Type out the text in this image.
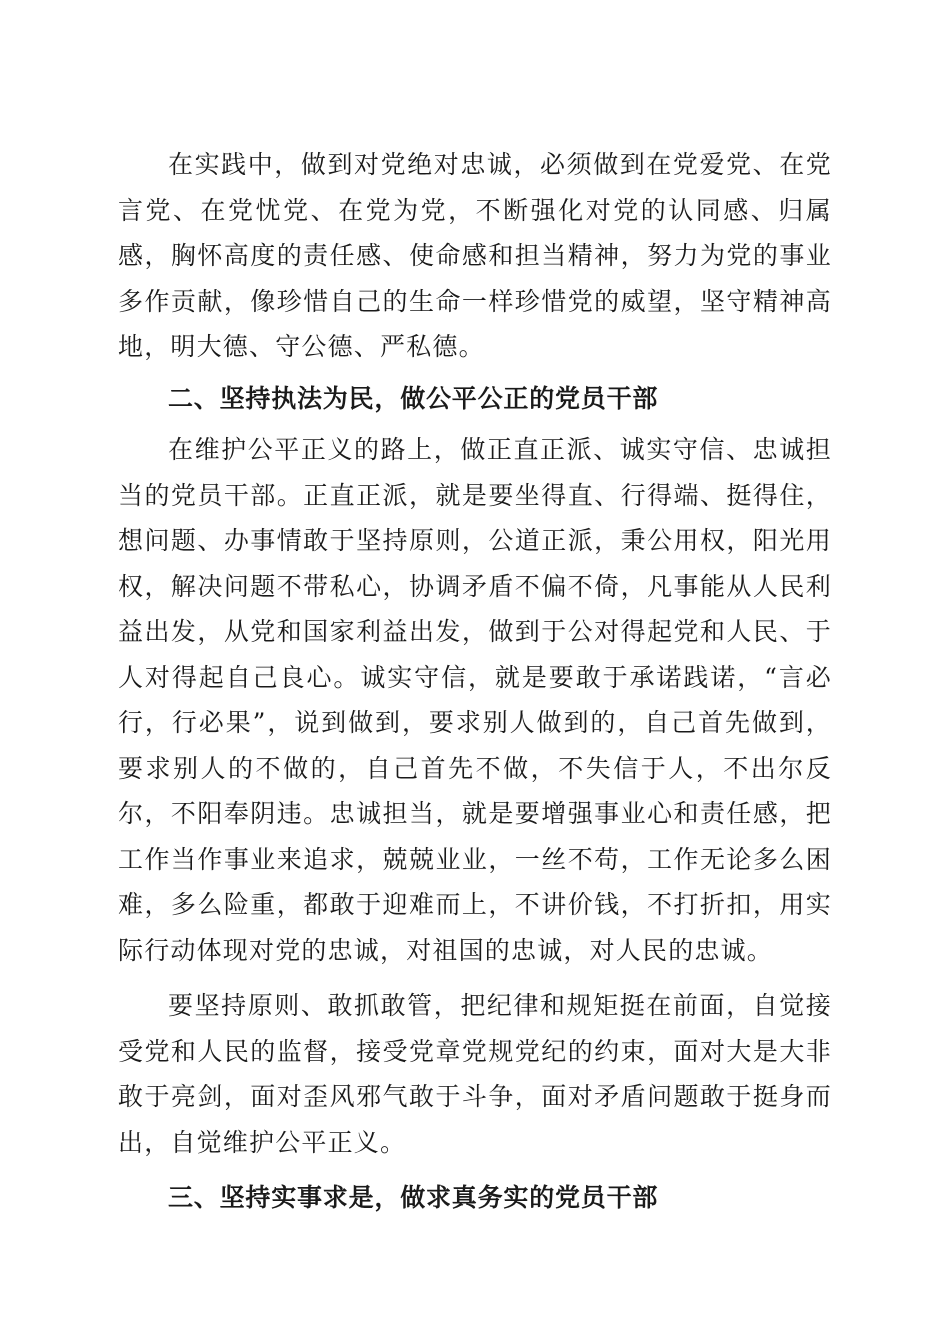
在实践中，做到对党绝对忠诚，必须做到在党爱党、在党言党、在党忧党、在党为党，不断强化对党的认同感、归属感，胸怀高度的责任感、使命感和担当精神，努力为党的事业多作贡献，像珍惜自己的生命一样珍惜党的威望，坚守精神高地，明大德、守公德、严私德。

二、坚持执法为民，做公平公正的党员干部

在维护公平正义的路上，做正直正派、诚实守信、忠诚担当的党员干部。正直正派，就是要坐得直、行得端、挺得住，想问题、办事情敢于坚持原则，公道正派，秉公用权，阳光用权，解决问题不带私心，协调矛盾不偏不倚，凡事能从人民利益出发，从党和国家利益出发，做到于公对得起党和人民、于人对得起自己良心。诚实守信，就是要敢于承诺践诺，“言必行，行必果”，说到做到，要求别人做到的，自己首先做到，要求别人的不做的，自己首先不做，不失信于人，不出尔反尔，不阳奉阴违。忠诚担当，就是要增强事业心和责任感，把工作当作事业来追求，兢兢业业，一丝不苟，工作无论多么困难，多么险重，都敢于迎难而上，不讲价钱，不打折扣，用实际行动体现对党的忠诚，对祖国的忠诚，对人民的忠诚。

要坚持原则、敢抓敢管，把纪律和规矩挺在前面，自觉接受党和人民的监督，接受党章党规党纪的约束，面对大是大非敢于亮剑，面对歪风邪气敢于斗争，面对矛盾问题敢于挺身而出，自觉维护公平正义。

三、坚持实事求是，做求真务实的党员干部
